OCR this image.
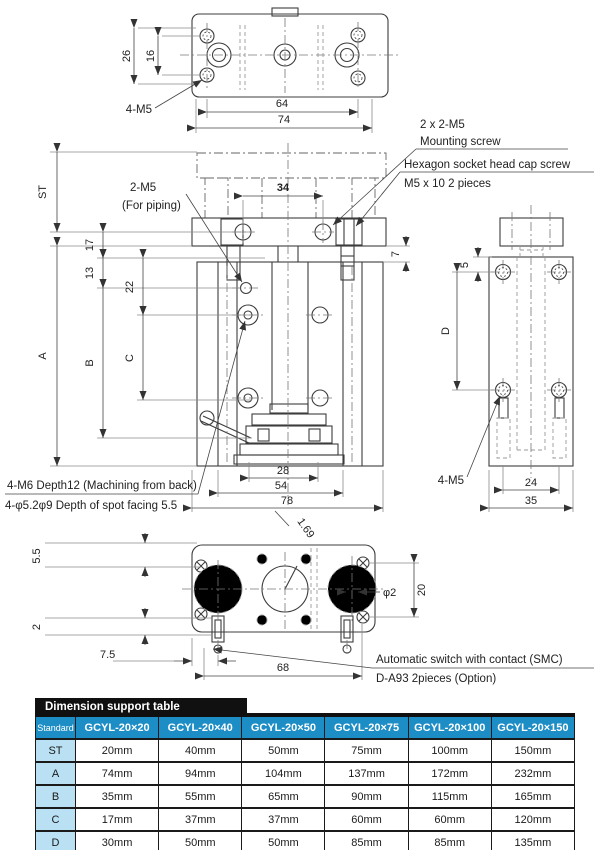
26 16
64
74
4-M5
ST
A
17
13
22
B
C
34
7
28
54
78
2-M5
(For piping)
2 x 2-M5
Mounting screw
Hexagon socket head cap screw
M5 x 10 2 pieces
4-M6 Depth12 (Machining from back)
4-φ5.2φ9 Depth of spot facing 5.5
5
D
24
35
4-M5
5.5
2
7.5
68
20
φ2
1.69
Automatic switch with contact (SMC)
D-A93 2pieces (Option)
Dimension support table
Standard	GCYL-20×20	GCYL-20×40	GCYL-20×50	GCYL-20×75	GCYL-20×100	GCYL-20×150
ST	20mm	40mm	50mm	75mm	100mm	150mm
A	74mm	94mm	104mm	137mm	172mm	232mm
B	35mm	55mm	65mm	90mm	115mm	165mm
C	17mm	37mm	37mm	60mm	60mm	120mm
D	30mm	50mm	50mm	85mm	85mm	135mm
